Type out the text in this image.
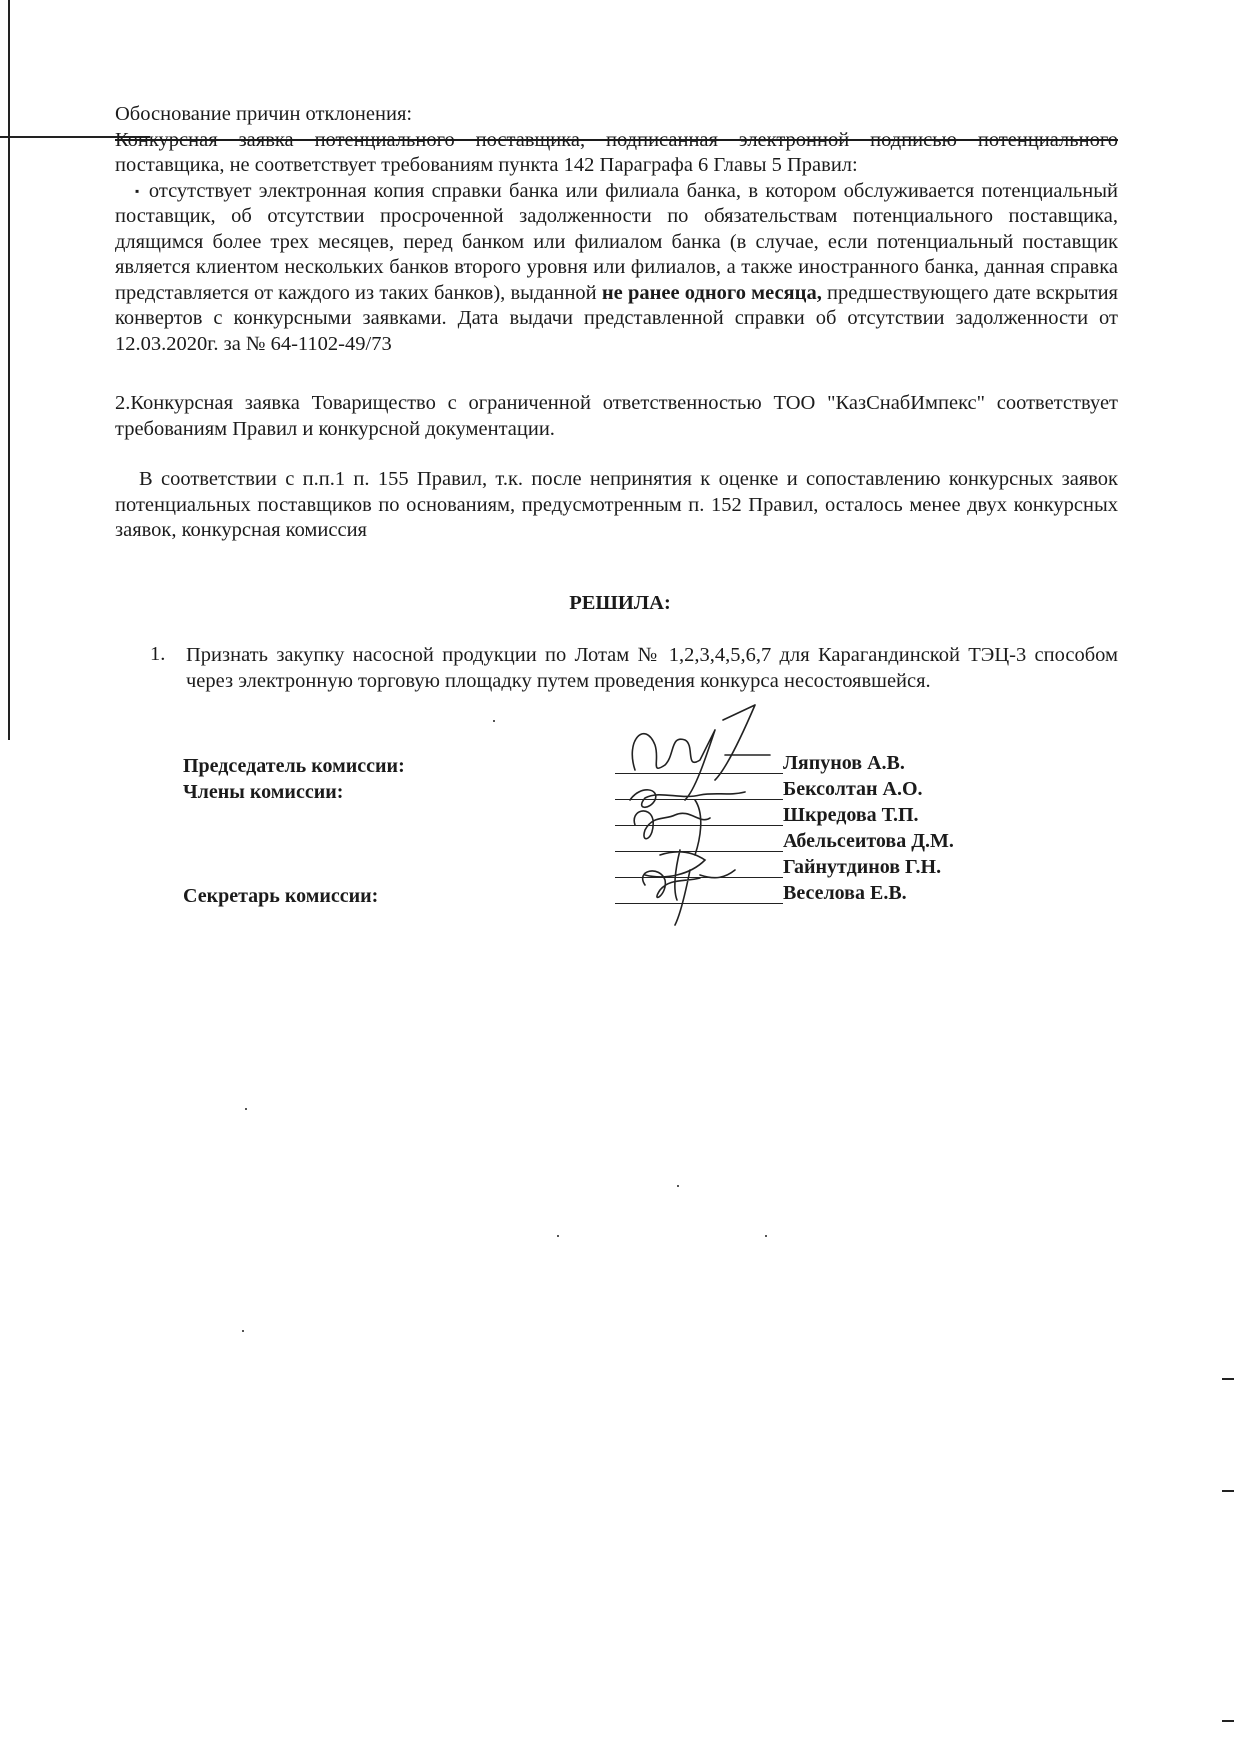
Обоснование причин отклонения:
Конкурсная заявка потенциального поставщика, подписанная электронной подписью потенциального
поставщика, не соответствует требованиям пункта 142 Параграфа 6 Главы 5 Правил:
▪ отсутствует электронная копия справки банка или филиала банка, в котором обслуживается потенциальный поставщик, об отсутствии просроченной задолженности по обязательствам потенциального поставщика, длящимся более трех месяцев, перед банком или филиалом банка (в случае, если потенциальный поставщик является клиентом нескольких банков второго уровня или филиалов, а также иностранного банка, данная справка представляется от каждого из таких банков), выданной не ранее одного месяца, предшествующего дате вскрытия конвертов с конкурсными заявками. Дата выдачи представленной справки об отсутствии задолженности от 12.03.2020г. за № 64-1102-49/73
2.Конкурсная заявка Товарищество с ограниченной ответственностью ТОО "КазСнабИмпекс" соответствует требованиям Правил и конкурсной документации.
В соответствии с п.п.1 п. 155 Правил, т.к. после непринятия к оценке и сопоставлению конкурсных заявок потенциальных поставщиков по основаниям, предусмотренным п. 152 Правил, осталось менее двух конкурсных заявок, конкурсная комиссия
РЕШИЛА:
1. Признать закупку насосной продукции по Лотам № 1,2,3,4,5,6,7 для Карагандинской ТЭЦ-3 способом через электронную торговую площадку путем проведения конкурса несостоявшейся.
Председатель комиссии:
Члены комиссии:
Секретарь комиссии:
Ляпунов А.В.
Бексолтан А.О.
Шкредова Т.П.
Абельсеитова Д.М.
Гайнутдинов Г.Н.
Веселова Е.В.
